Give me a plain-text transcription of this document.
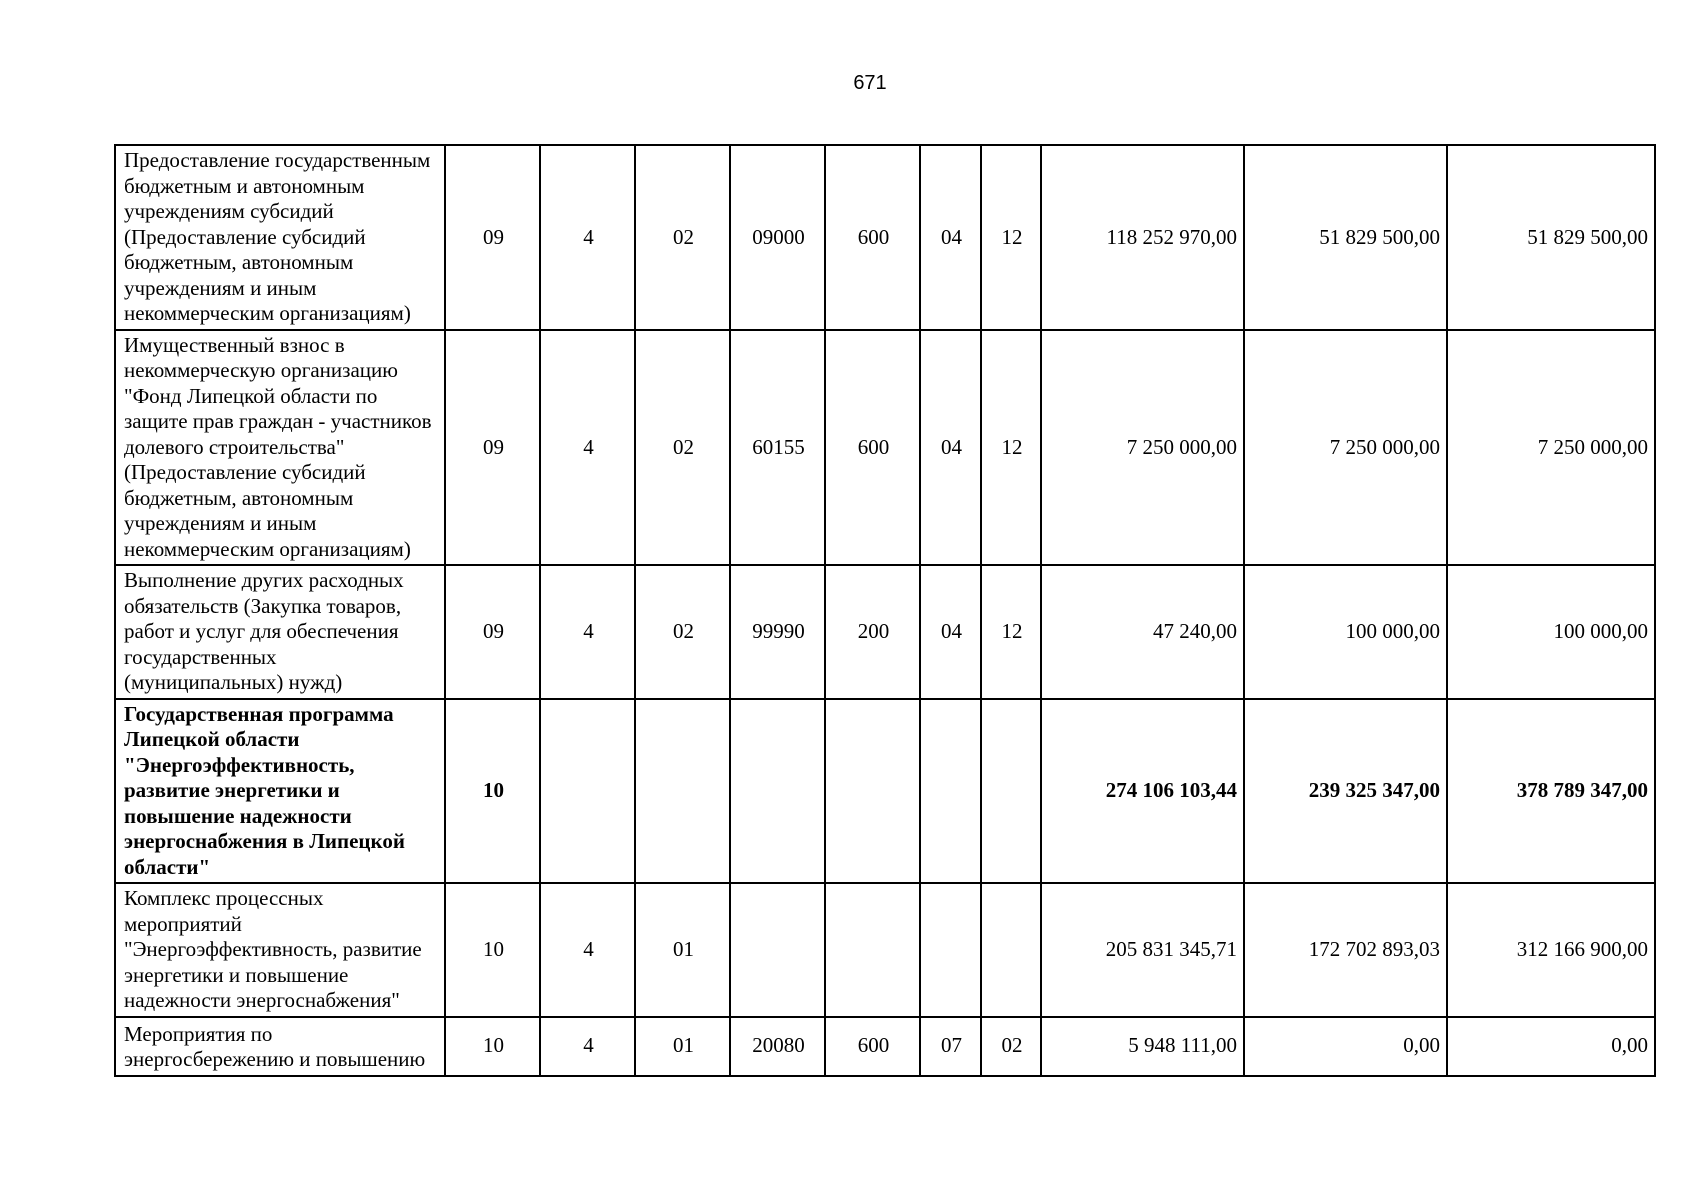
671
Предоставление государственным бюджетным и автономным учреждениям субсидий (Предоставление субсидий бюджетным, автономным учреждениям и иным некоммерческим организациям)	09	4	02	09000	600	04	12	118 252 970,00	51 829 500,00	51 829 500,00
Имущественный взнос в некоммерческую организацию "Фонд Липецкой области по защите прав граждан - участников долевого строительства" (Предоставление субсидий бюджетным, автономным учреждениям и иным некоммерческим организациям)	09	4	02	60155	600	04	12	7 250 000,00	7 250 000,00	7 250 000,00
Выполнение других расходных обязательств (Закупка товаров, работ и услуг для обеспечения государственных (муниципальных) нужд)	09	4	02	99990	200	04	12	47 240,00	100 000,00	100 000,00
Государственная программа Липецкой области "Энергоэффективность, развитие энергетики и повышение надежности энергоснабжения в Липецкой области"	10							274 106 103,44	239 325 347,00	378 789 347,00
Комплекс процессных мероприятий "Энергоэффективность, развитие энергетики и повышение надежности энергоснабжения"	10	4	01					205 831 345,71	172 702 893,03	312 166 900,00
Мероприятия по энергосбережению и повышению	10	4	01	20080	600	07	02	5 948 111,00	0,00	0,00
